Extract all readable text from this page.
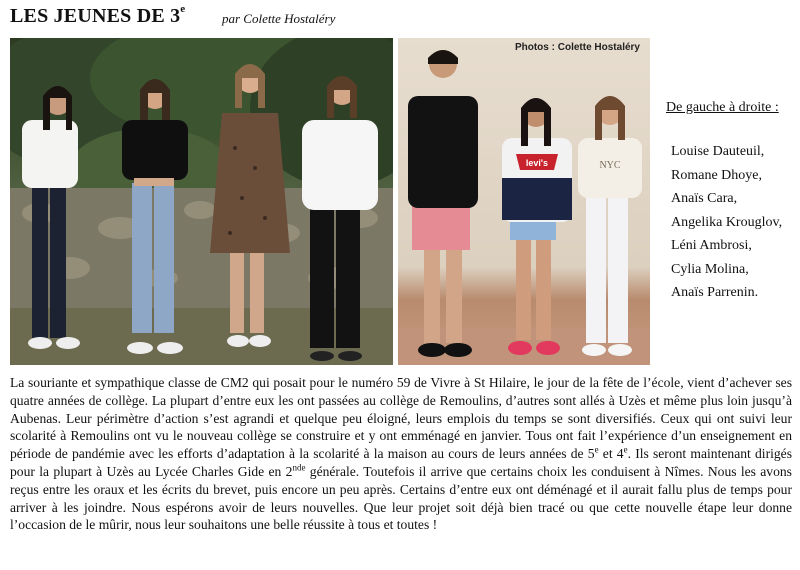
LES JEUNES DE 3e
par Colette Hostaléry
levi's	NYC
Photos : Colette Hostaléry
De gauche à droite :
Louise Dauteuil,
Romane Dhoye,
Anaïs Cara,
Angelika Krouglov,
Léni Ambrosi,
Cylia Molina,
Anaïs Parrenin.

La souriante et sympathique classe de CM2 qui posait pour le numéro 59 de Vivre à St Hilaire, le jour de la fête de l’école, vient d’achever ses quatre années de collège. La plupart d’entre eux les ont passées au collège de Remoulins, d’autres sont allés à Uzès et même plus loin jusqu’à Aubenas. Leur périmètre d’action s’est agrandi et quelque peu éloigné, leurs emplois du temps se sont diversifiés. Ceux qui ont suivi leur scolarité à Remoulins ont vu le nouveau collège se construire et y ont emménagé en janvier. Tous ont fait l’expérience d’un enseignement en période de pandémie avec les efforts d’adaptation à la scolarité à la maison au cours de leurs années de 5e et 4e. Ils seront maintenant dirigés pour la plupart à Uzès au Lycée Charles Gide en 2nde générale. Toutefois il arrive que certains choix les conduisent à Nîmes. Nous les avons reçus entre les oraux et les écrits du brevet, puis encore un peu après. Certains d’entre eux ont déménagé et il aurait fallu plus de temps pour arriver à les joindre. Nous espérons avoir de leurs nouvelles. Que leur projet soit déjà bien tracé ou que cette nouvelle étape leur donne l’occasion de le mûrir, nous leur souhaitons une belle réussite à tous et toutes !
